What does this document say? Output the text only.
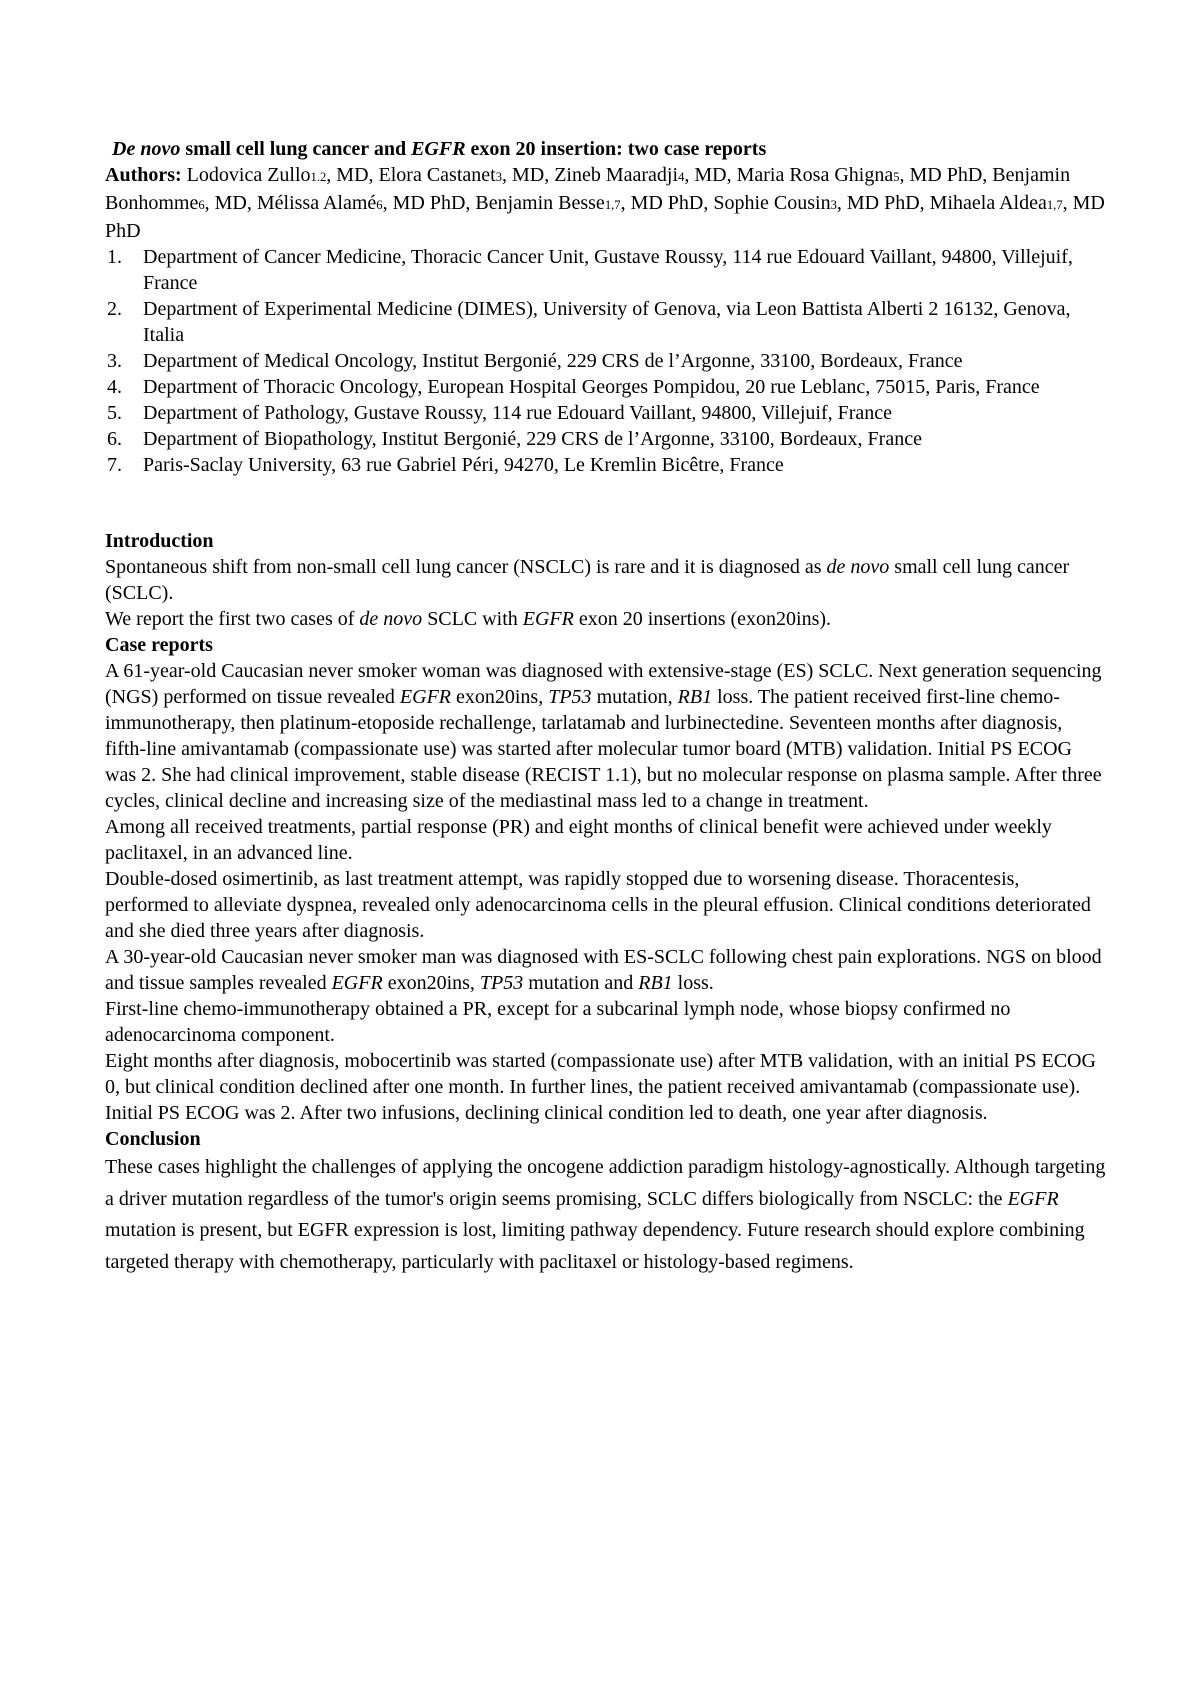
De novo small cell lung cancer and EGFR exon 20 insertion: two case reports

Authors: Lodovica Zullo1.2, MD, Elora Castanet3, MD, Zineb Maaradji4, MD, Maria Rosa Ghigna5, MD PhD, Benjamin Bonhomme6, MD, Mélissa Alamé6, MD PhD, Benjamin Besse1,7, MD PhD, Sophie Cousin3, MD PhD, Mihaela Aldea1,7, MD PhD

Department of Cancer Medicine, Thoracic Cancer Unit, Gustave Roussy, 114 rue Edouard Vaillant, 94800, Villejuif, France
Department of Experimental Medicine (DIMES), University of Genova, via Leon Battista Alberti 2 16132, Genova, Italia
Department of Medical Oncology, Institut Bergonié, 229 CRS de l’Argonne, 33100, Bordeaux, France
Department of Thoracic Oncology, European Hospital Georges Pompidou, 20 rue Leblanc, 75015, Paris, France
Department of Pathology, Gustave Roussy, 114 rue Edouard Vaillant, 94800, Villejuif, France
Department of Biopathology, Institut Bergonié, 229 CRS de l’Argonne, 33100, Bordeaux, France
Paris-Saclay University, 63 rue Gabriel Péri, 94270, Le Kremlin Bicêtre, France
Introduction

Spontaneous shift from non-small cell lung cancer (NSCLC) is rare and it is diagnosed as de novo small cell lung cancer (SCLC).

We report the first two cases of de novo SCLC with EGFR exon 20 insertions (exon20ins).

Case reports

A 61-year-old Caucasian never smoker woman was diagnosed with extensive-stage (ES) SCLC. Next generation sequencing (NGS) performed on tissue revealed EGFR exon20ins, TP53 mutation, RB1 loss. The patient received first-line chemo-immunotherapy, then platinum-etoposide rechallenge, tarlatamab and lurbinectedine. Seventeen months after diagnosis, fifth-line amivantamab (compassionate use) was started after molecular tumor board (MTB) validation. Initial PS ECOG was 2. She had clinical improvement, stable disease (RECIST 1.1), but no molecular response on plasma sample. After three cycles, clinical decline and increasing size of the mediastinal mass led to a change in treatment.

Among all received treatments, partial response (PR) and eight months of clinical benefit were achieved under weekly paclitaxel, in an advanced line.

Double-dosed osimertinib, as last treatment attempt, was rapidly stopped due to worsening disease. Thoracentesis, performed to alleviate dyspnea, revealed only adenocarcinoma cells in the pleural effusion. Clinical conditions deteriorated and she died three years after diagnosis.

A 30-year-old Caucasian never smoker man was diagnosed with ES-SCLC following chest pain explorations. NGS on blood and tissue samples revealed EGFR exon20ins, TP53 mutation and RB1 loss.

First-line chemo-immunotherapy obtained a PR, except for a subcarinal lymph node, whose biopsy confirmed no adenocarcinoma component.

Eight months after diagnosis, mobocertinib was started (compassionate use) after MTB validation, with an initial PS ECOG 0, but clinical condition declined after one month. In further lines, the patient received amivantamab (compassionate use). Initial PS ECOG was 2. After two infusions, declining clinical condition led to death, one year after diagnosis.

Conclusion

These cases highlight the challenges of applying the oncogene addiction paradigm histology-agnostically. Although targeting a driver mutation regardless of the tumor's origin seems promising, SCLC differs biologically from NSCLC: the EGFR mutation is present, but EGFR expression is lost, limiting pathway dependency. Future research should explore combining targeted therapy with chemotherapy, particularly with paclitaxel or histology-based regimens.
